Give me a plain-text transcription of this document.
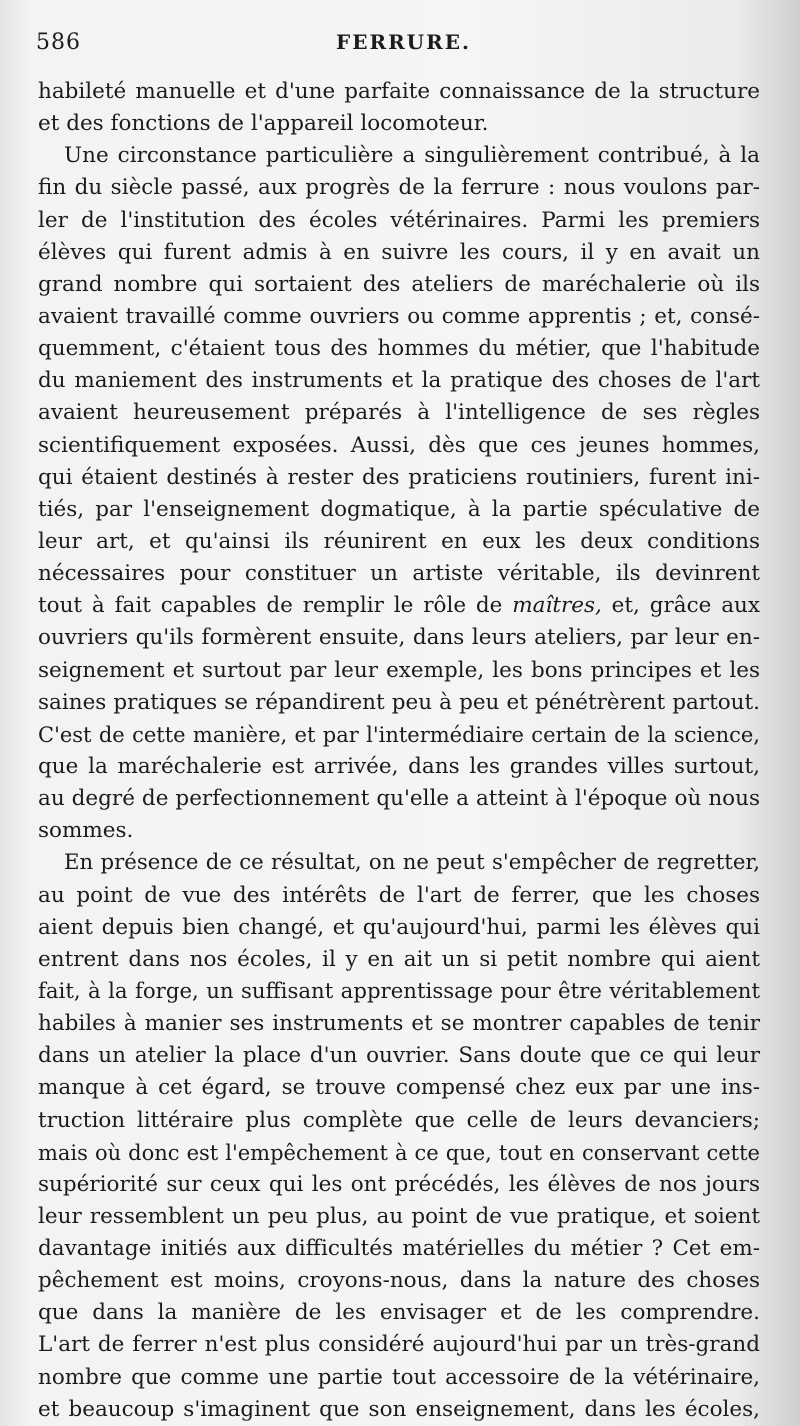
586	FERRURE.
habileté manuelle et d'une parfaite connaissance de la structure
et des fonctions de l'appareil locomoteur.
Une circonstance particulière a singulièrement contribué, à la
fin du siècle passé, aux progrès de la ferrure : nous voulons par-
ler de l'institution des écoles vétérinaires. Parmi les premiers
élèves qui furent admis à en suivre les cours, il y en avait un
grand nombre qui sortaient des ateliers de maréchalerie où ils
avaient travaillé comme ouvriers ou comme apprentis ; et, consé-
quemment, c'étaient tous des hommes du métier, que l'habitude
du maniement des instruments et la pratique des choses de l'art
avaient heureusement préparés à l'intelligence de ses règles
scientifiquement exposées. Aussi, dès que ces jeunes hommes,
qui étaient destinés à rester des praticiens routiniers, furent ini-
tiés, par l'enseignement dogmatique, à la partie spéculative de
leur art, et qu'ainsi ils réunirent en eux les deux conditions
nécessaires pour constituer un artiste véritable, ils devinrent
tout à fait capables de remplir le rôle de maîtres, et, grâce aux
ouvriers qu'ils formèrent ensuite, dans leurs ateliers, par leur en-
seignement et surtout par leur exemple, les bons principes et les
saines pratiques se répandirent peu à peu et pénétrèrent partout.
C'est de cette manière, et par l'intermédiaire certain de la science,
que la maréchalerie est arrivée, dans les grandes villes surtout,
au degré de perfectionnement qu'elle a atteint à l'époque où nous
sommes.
En présence de ce résultat, on ne peut s'empêcher de regretter,
au point de vue des intérêts de l'art de ferrer, que les choses
aient depuis bien changé, et qu'aujourd'hui, parmi les élèves qui
entrent dans nos écoles, il y en ait un si petit nombre qui aient
fait, à la forge, un suffisant apprentissage pour être véritablement
habiles à manier ses instruments et se montrer capables de tenir
dans un atelier la place d'un ouvrier. Sans doute que ce qui leur
manque à cet égard, se trouve compensé chez eux par une ins-
truction littéraire plus complète que celle de leurs devanciers;
mais où donc est l'empêchement à ce que, tout en conservant cette
supériorité sur ceux qui les ont précédés, les élèves de nos jours
leur ressemblent un peu plus, au point de vue pratique, et soient
davantage initiés aux difficultés matérielles du métier ? Cet em-
pêchement est moins, croyons-nous, dans la nature des choses
que dans la manière de les envisager et de les comprendre.
L'art de ferrer n'est plus considéré aujourd'hui par un très-grand
nombre que comme une partie tout accessoire de la vétérinaire,
et beaucoup s'imaginent que son enseignement, dans les écoles,
